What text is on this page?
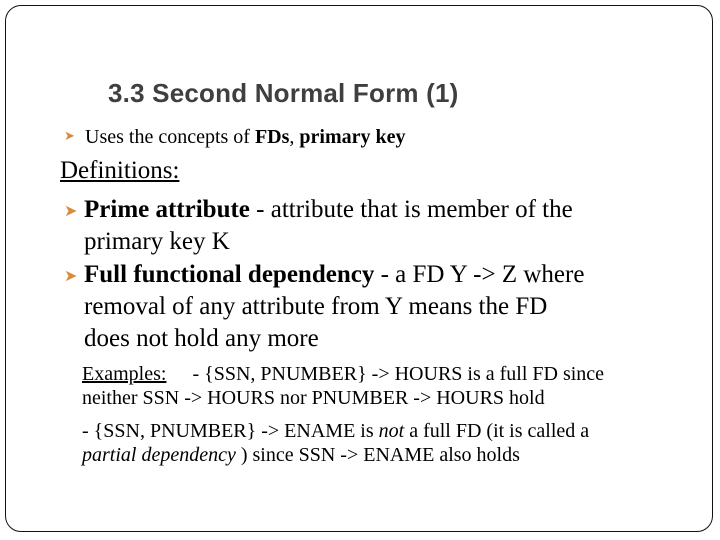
3.3 Second Normal Form (1)
➤ Uses the concepts of FDs, primary key
Definitions:
➤ Prime attribute - attribute that is member of the
primary key K
➤ Full functional dependency - a FD Y -> Z where
removal of any attribute from Y means the FD
does not hold any more
Examples: - {SSN, PNUMBER} -> HOURS is a full FD since
neither SSN -> HOURS nor PNUMBER -> HOURS hold
- {SSN, PNUMBER} -> ENAME is not a full FD (it is called a
partial dependency ) since SSN -> ENAME also holds
